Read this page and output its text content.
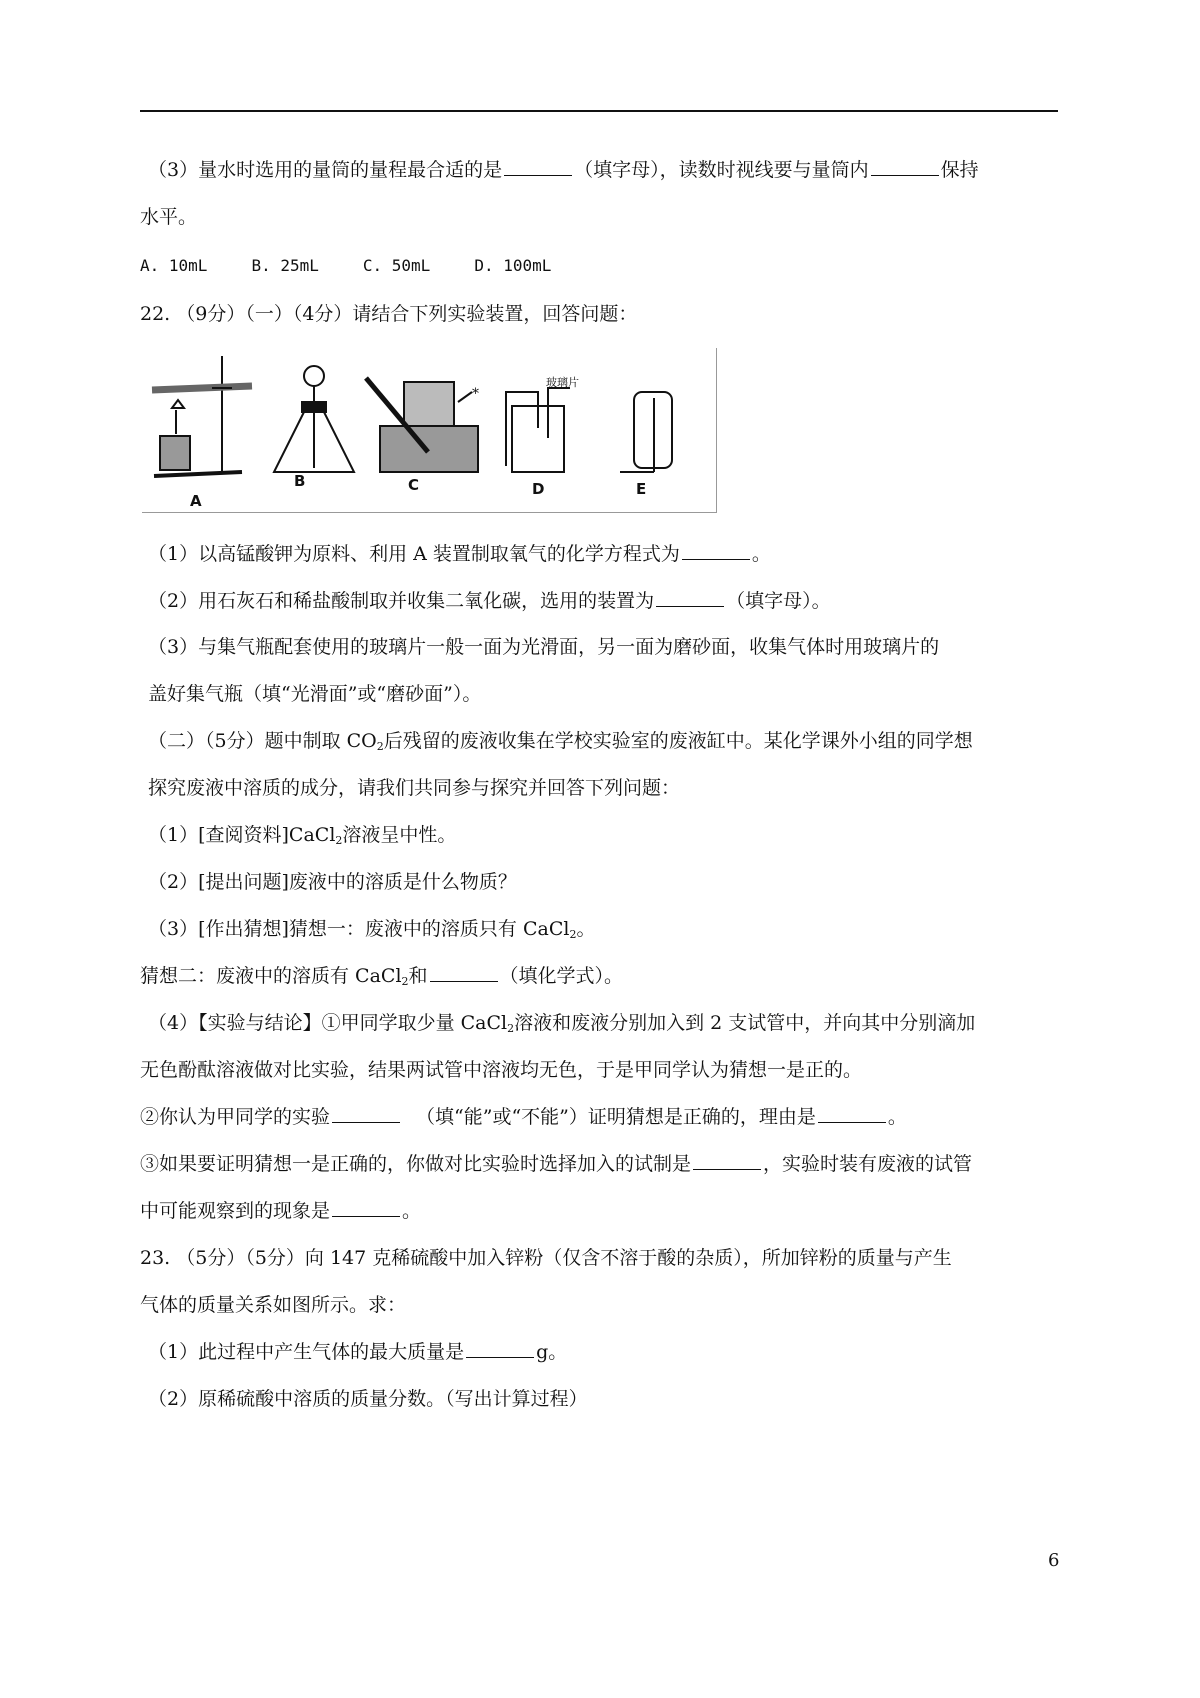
（3）量水时选用的量筒的量程最合适的是	（填字母），读数时视线要与量筒内	保持
水平。
A. 10mL	B. 25mL	C. 50mL	D. 100mL
22. （9分）（一）（4分）请结合下列实验装置，回答问题：
*
玻璃片
A
B	C	D	E
（1）以高锰酸钾为原料、利用 A 装置制取氧气的化学方程式为	。
（2）用石灰石和稀盐酸制取并收集二氧化碳，选用的装置为	（填字母）。
（3）与集气瓶配套使用的玻璃片一般一面为光滑面，另一面为磨砂面，收集气体时用玻璃片的
盖好集气瓶（填“光滑面”或“磨砂面”）。
（二）（5分）题中制取 $CO_2$后残留的废液收集在学校实验室的废液缸中。某化学课外小组的同学想
探究废液中溶质的成分，请我们共同参与探究并回答下列问题：
（1）[查阅资料]CaCl$_2$溶液呈中性。
（2）[提出问题]废液中的溶质是什么物质？
（3）[作出猜想]猜想一：废液中的溶质只有 CaCl$_2$。
猜想二：废液中的溶质有 CaCl$_2$和	（填化学式）。
（4）【实验与结论】①甲同学取少量 CaCl$_2$溶液和废液分别加入到 2 支试管中，并向其中分别滴加
无色酚酞溶液做对比实验，结果两试管中溶液均无色，于是甲同学认为猜想一是正的。
②你认为甲同学的实验	（填“能”或“不能”）证明猜想是正确的，理由是	。
③如果要证明猜想一是正确的，你做对比实验时选择加入的试制是	，实验时装有废液的试管
中可能观察到的现象是	。
23. （5分）（5分）向 147 克稀硫酸中加入锌粉（仅含不溶于酸的杂质），所加锌粉的质量与产生
气体的质量关系如图所示。求：
（1）此过程中产生气体的最大质量是	g。
（2）原稀硫酸中溶质的质量分数。（写出计算过程）
6
